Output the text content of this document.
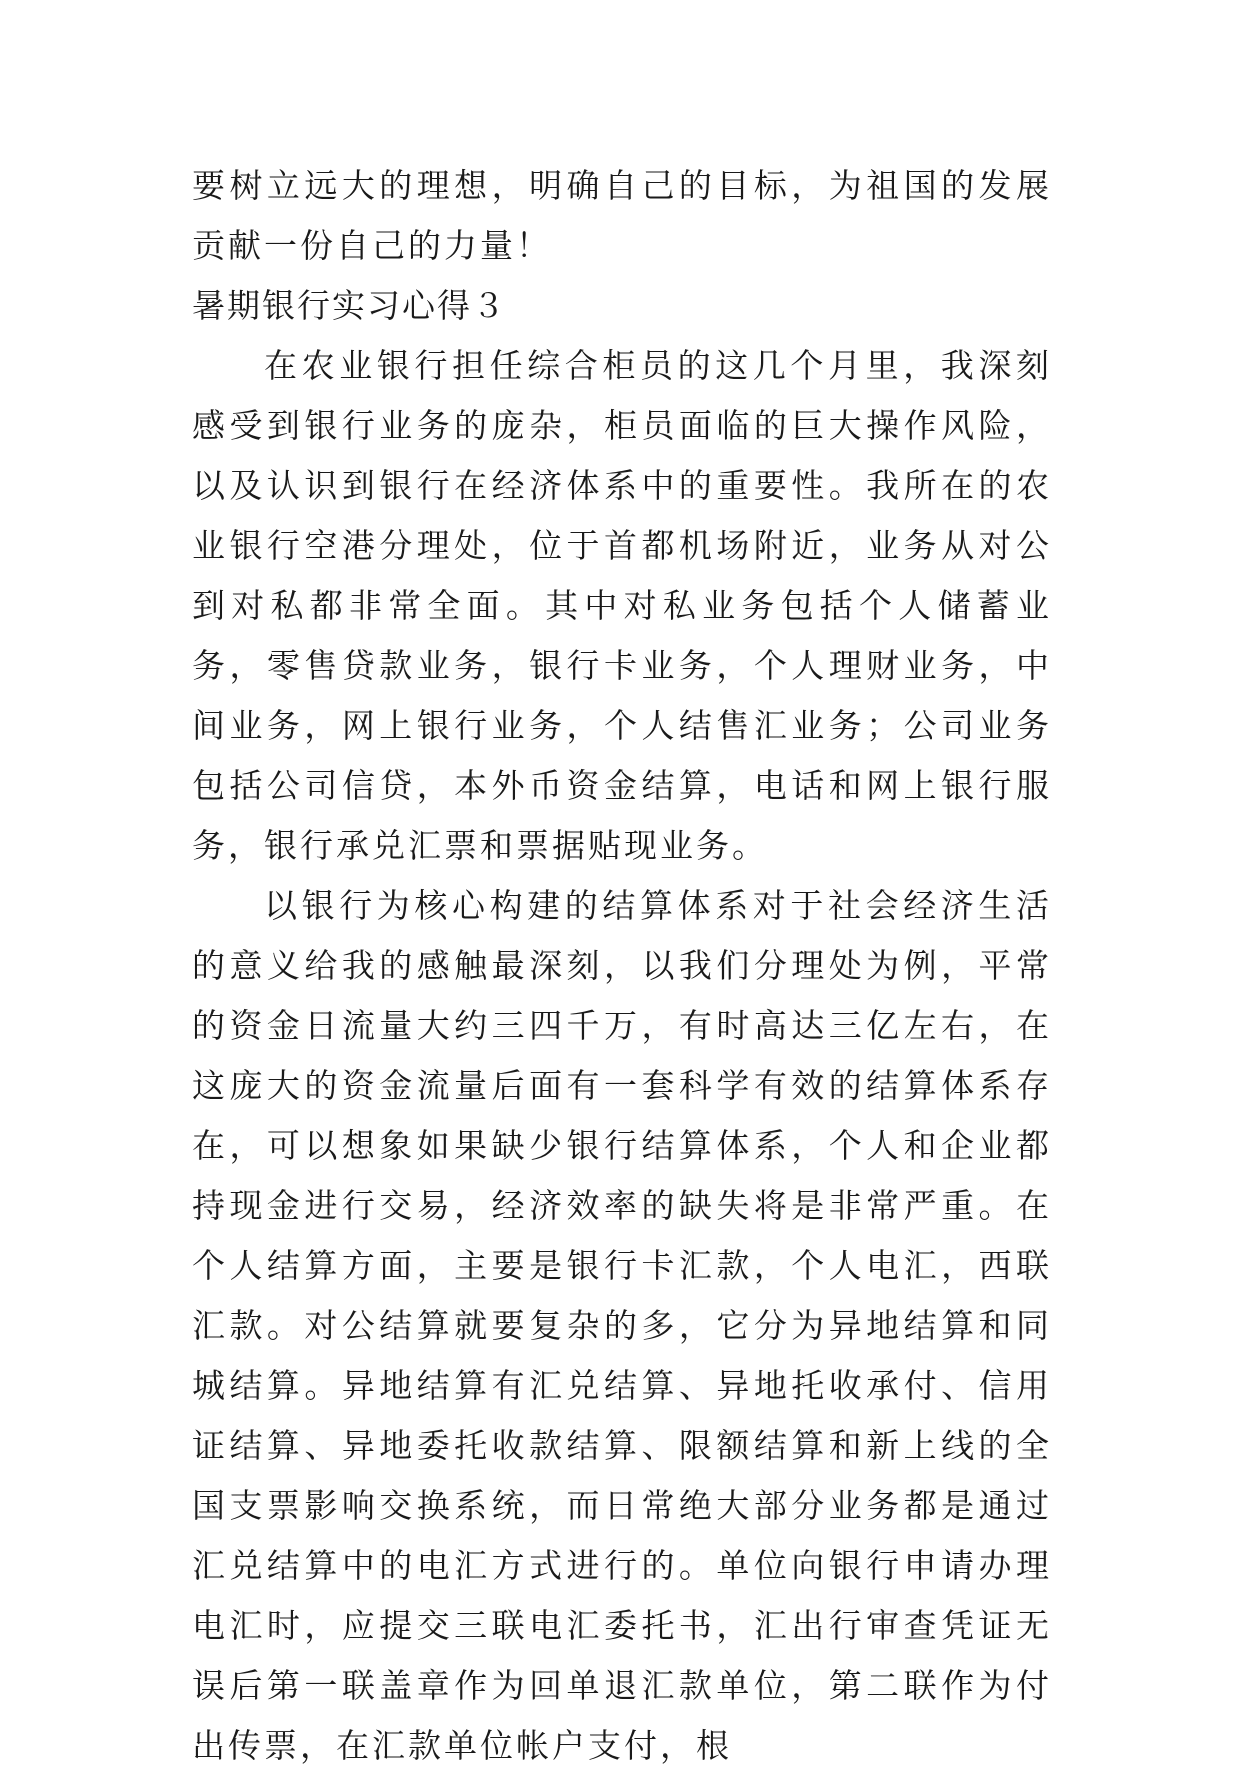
要树立远大的理想，明确自己的目标，为祖国的发展贡献一份自己的力量！

暑期银行实习心得３

在农业银行担任综合柜员的这几个月里，我深刻感受到银行业务的庞杂，柜员面临的巨大操作风险，以及认识到银行在经济体系中的重要性。我所在的农业银行空港分理处，位于首都机场附近，业务从对公到对私都非常全面。其中对私业务包括个人储蓄业务，零售贷款业务，银行卡业务，个人理财业务，中间业务，网上银行业务，个人结售汇业务；公司业务包括公司信贷，本外币资金结算，电话和网上银行服务，银行承兑汇票和票据贴现业务。

以银行为核心构建的结算体系对于社会经济生活的意义给我的感触最深刻，以我们分理处为例，平常的资金日流量大约三四千万，有时高达三亿左右，在这庞大的资金流量后面有一套科学有效的结算体系存在，可以想象如果缺少银行结算体系，个人和企业都持现金进行交易，经济效率的缺失将是非常严重。在个人结算方面，主要是银行卡汇款，个人电汇，西联汇款。对公结算就要复杂的多，它分为异地结算和同城结算。异地结算有汇兑结算、异地托收承付、信用证结算、异地委托收款结算、限额结算和新上线的全国支票影响交换系统，而日常绝大部分业务都是通过汇兑结算中的电汇方式进行的。单位向银行申请办理电汇时，应提交三联电汇委托书，汇出行审查凭证无误后第一联盖章作为回单退汇款单位，第二联作为付出传票，在汇款单位帐户支付，根
